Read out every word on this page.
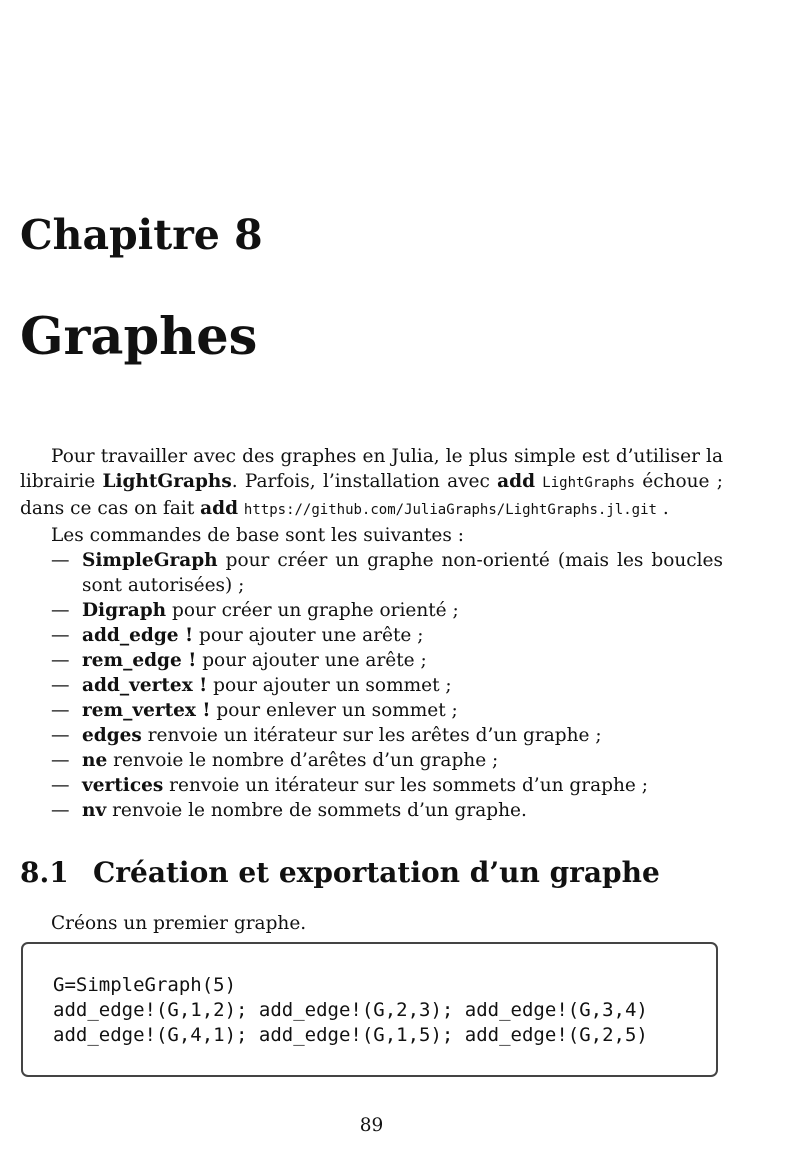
Chapitre 8
Graphes

Pour travailler avec des graphes en Julia, le plus simple est d’utiliser la librairie LightGraphs. Parfois, l’installation avec add LightGraphs échoue ; dans ce cas on fait add https://github.com/JuliaGraphs/LightGraphs.jl.git .

Les commandes de base sont les suivantes :

— SimpleGraph pour créer un graphe non-orienté (mais les boucles sont autorisées) ;
— Digraph pour créer un graphe orienté ;
— add_edge ! pour ajouter une arête ;
— rem_edge ! pour ajouter une arête ;
— add_vertex ! pour ajouter un sommet ;
— rem_vertex ! pour enlever un sommet ;
— edges renvoie un itérateur sur les arêtes d’un graphe ;
— ne renvoie le nombre d’arêtes d’un graphe ;
— vertices renvoie un itérateur sur les sommets d’un graphe ;
— nv renvoie le nombre de sommets d’un graphe.
8.1 Création et exportation d’un graphe

Créons un premier graphe.

G=SimpleGraph(5)
add_edge!(G,1,2); add_edge!(G,2,3); add_edge!(G,3,4)
add_edge!(G,4,1); add_edge!(G,1,5); add_edge!(G,2,5)
89
